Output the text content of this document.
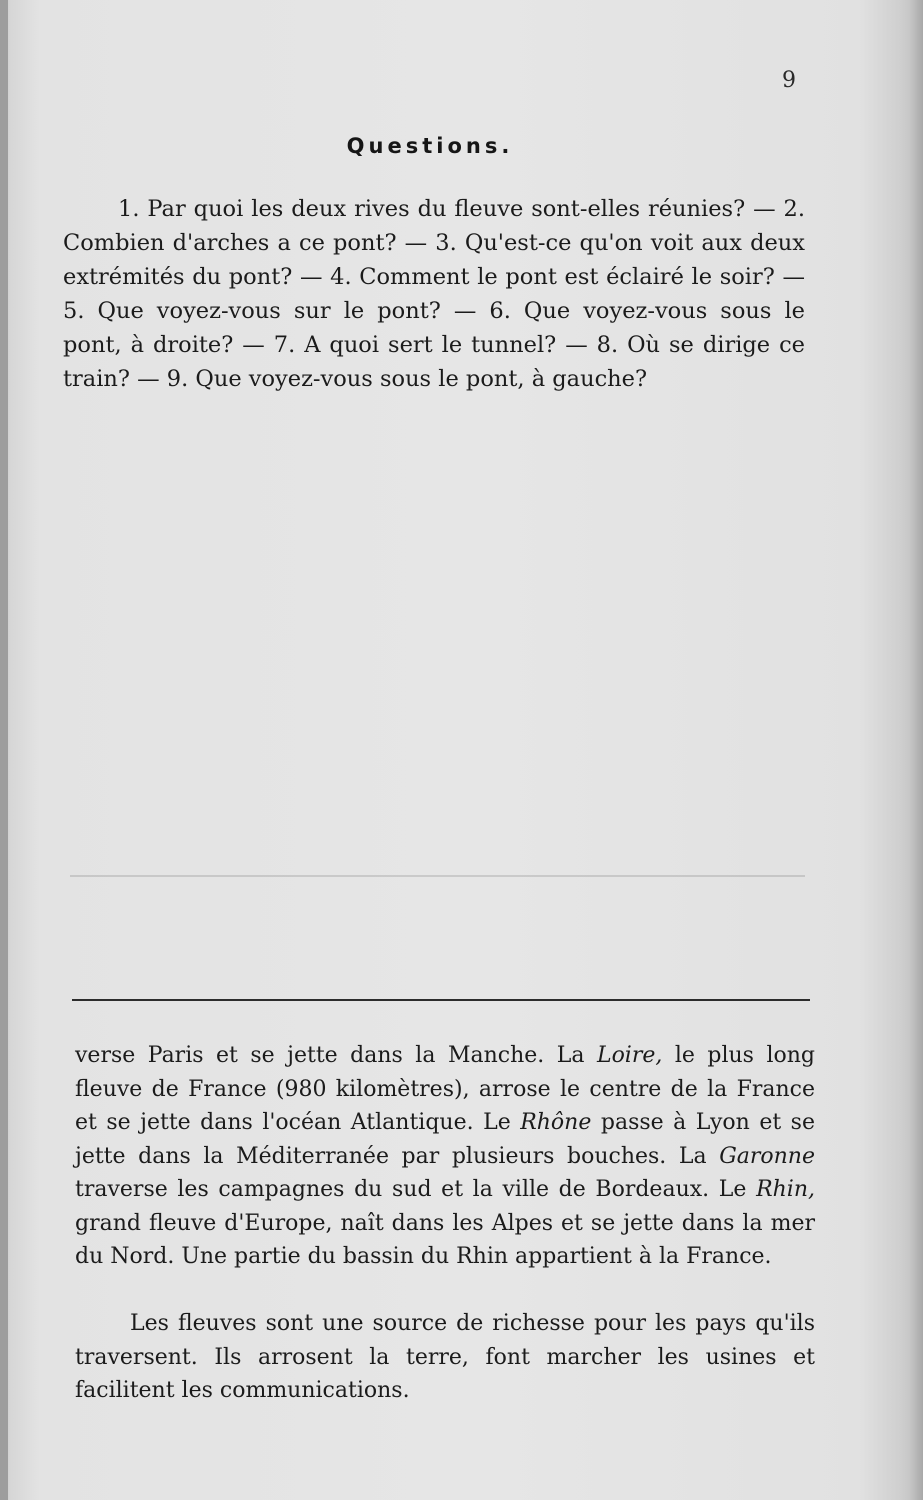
9
Questions.

1. Par quoi les deux rives du fleuve sont-elles réunies? — 2. Combien d'arches a ce pont? — 3. Qu'est-ce qu'on voit aux deux extrémités du pont? — 4. Comment le pont est éclairé le soir? — 5. Que voyez-vous sur le pont? — 6. Que voyez-vous sous le pont, à droite? — 7. A quoi sert le tunnel? — 8. Où se dirige ce train? — 9. Que voyez-vous sous le pont, à gauche?

verse Paris et se jette dans la Manche. La Loire, le plus long fleuve de France (980 kilomètres), arrose le centre de la France et se jette dans l'océan Atlantique. Le Rhône passe à Lyon et se jette dans la Méditerranée par plusieurs bouches. La Garonne traverse les campagnes du sud et la ville de Bordeaux. Le Rhin, grand fleuve d'Europe, naît dans les Alpes et se jette dans la mer du Nord. Une partie du bassin du Rhin appartient à la France.

Les fleuves sont une source de richesse pour les pays qu'ils traversent. Ils arrosent la terre, font marcher les usines et facilitent les communications.
